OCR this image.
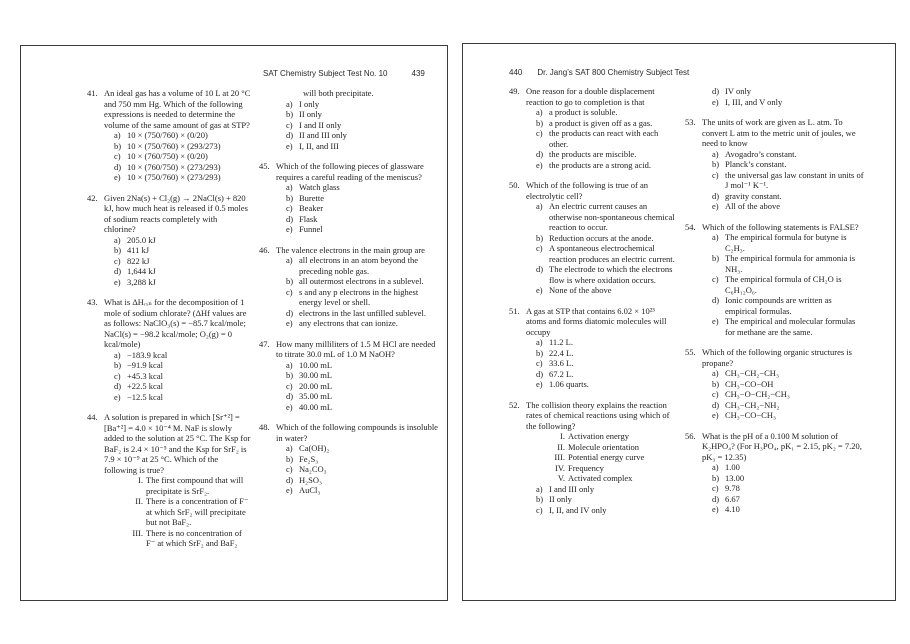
SAT Chemistry Subject Test No. 10	439
41. An ideal gas has a volume of 10 L at 20 °C and 750 mm Hg. Which of the following expressions is needed to determine the volume of the same amount of gas at STP?
a) 10 × (750/760) × (0/20)
b) 10 × (750/760) × (293/273)
c) 10 × (760/750) × (0/20)
d) 10 × (760/750) × (273/293)
e) 10 × (750/760) × (273/293)
42. Given 2Na(s) + Cl₂(g) → 2NaCl(s) + 820 kJ, how much heat is released if 0.5 moles of sodium reacts completely with chlorine?
a) 205.0 kJ
b) 411 kJ
c) 822 kJ
d) 1,644 kJ
e) 3,288 kJ
43. What is ΔHᵣₓₙ for the decomposition of 1 mole of sodium chlorate? (ΔHf values are as follows: NaClO₃(s) = −85.7 kcal/mole; NaCl(s) = −98.2 kcal/mole; O₂(g) = 0 kcal/mole)
a) −183.9 kcal
b) −91.9 kcal
c) +45.3 kcal
d) +22.5 kcal
e) −12.5 kcal
44. A solution is prepared in which [Sr⁺²] = [Ba⁺²] = 4.0 × 10⁻⁴ M. NaF is slowly added to the solution at 25 °C. The Ksp for BaF₂ is 2.4 × 10⁻⁵ and the Ksp for SrF₂ is 7.9 × 10⁻⁹ at 25 °C. Which of the following is true?
I. The first compound that will precipitate is SrF₂.
II. There is a concentration of F⁻ at which SrF₂ will precipitate but not BaF₂.
III. There is no concentration of F⁻ at which SrF₂ and BaF₂
will both precipitate.
a) I only
b) II only
c) I and II only
d) II and III only
e) I, II, and III
45. Which of the following pieces of glassware requires a careful reading of the meniscus?
a) Watch glass
b) Burette
c) Beaker
d) Flask
e) Funnel
46. The valence electrons in the main group are
a) all electrons in an atom beyond the preceding noble gas.
b) all outermost electrons in a sublevel.
c) s and any p electrons in the highest energy level or shell.
d) electrons in the last unfilled sublevel.
e) any electrons that can ionize.
47. How many milliliters of 1.5 M HCl are needed to titrate 30.0 mL of 1.0 M NaOH?
a) 10.00 mL
b) 30.00 mL
c) 20.00 mL
d) 35.00 mL
e) 40.00 mL
48. Which of the following compounds is insoluble in water?
a) Ca(OH)₂
b) Fe₂S₃
c) Na₂CO₃
d) H₂SO₃
e) AuCl₃
440 Dr. Jang’s SAT 800 Chemistry Subject Test
49. One reason for a double displacement reaction to go to completion is that
a) a product is soluble.
b) a product is given off as a gas.
c) the products can react with each other.
d) the products are miscible.
e) the products are a strong acid.
50. Which of the following is true of an electrolytic cell?
a) An electric current causes an otherwise non-spontaneous chemical reaction to occur.
b) Reduction occurs at the anode.
c) A spontaneous electrochemical reaction produces an electric current.
d) The electrode to which the electrons flow is where oxidation occurs.
e) None of the above
51. A gas at STP that contains 6.02 × 10²³ atoms and forms diatomic molecules will occupy
a) 11.2 L.
b) 22.4 L.
c) 33.6 L.
d) 67.2 L.
e) 1.06 quarts.
52. The collision theory explains the reaction rates of chemical reactions using which of the following?
I. Activation energy
II. Molecule orientation
III. Potential energy curve
IV. Frequency
V. Activated complex
a) I and III only
b) II only
c) I, II, and IV only
d) IV only
e) I, III, and V only
53. The units of work are given as L. atm. To convert L atm to the metric unit of joules, we need to know
a) Avogadro’s constant.
b) Planck’s constant.
c) the universal gas law constant in units of J mol⁻¹ K⁻¹.
d) gravity constant.
e) All of the above
54. Which of the following statements is FALSE?
a) The empirical formula for butyne is C₂H₃.
b) The empirical formula for ammonia is NH₃.
c) The empirical formula of CH₂O is C₆H₁₂O₆.
d) Ionic compounds are written as empirical formulas.
e) The empirical and molecular formulas for methane are the same.
55. Which of the following organic structures is propane?
a) CH₃−CH₂−CH₃
b) CH₃−CO−OH
c) CH₃−O−CH₂−CH₃
d) CH₃−CH₂−NH₂
e) CH₃−CO−CH₃
56. What is the pH of a 0.100 M solution of K₂HPO₄? (For H₃PO₄, pK₁ = 2.15, pK₂ = 7.20, pK₃ = 12.35)
a) 1.00
b) 13.00
c) 9.78
d) 6.67
e) 4.10
